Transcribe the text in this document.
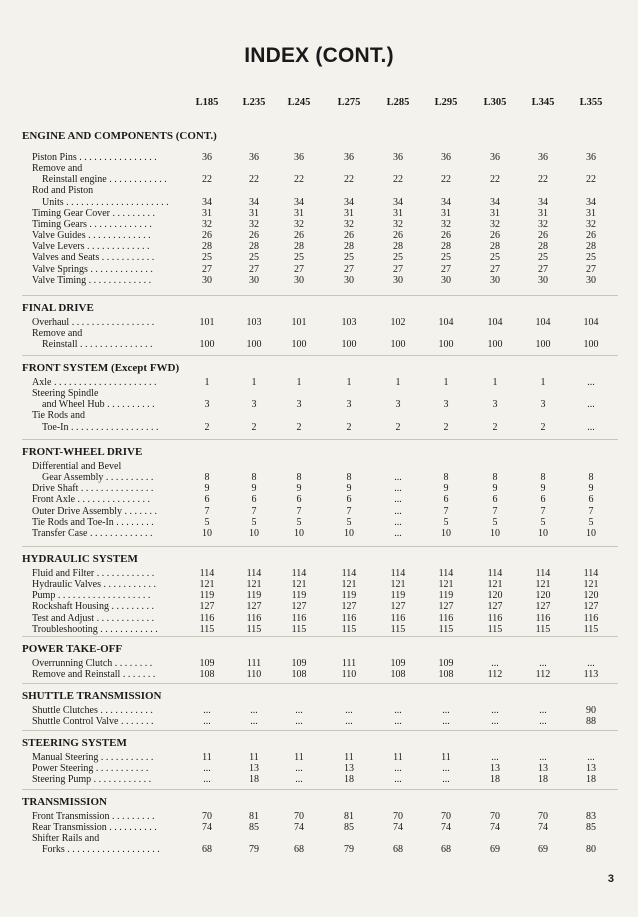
INDEX (CONT.)
L185	L235	L245	L275	L285	L295	L305	L345	L355
ENGINE AND COMPONENTS (CONT.)
Piston Pins . . . . . . . . . . . . . . . .	36	36	36	36	36	36	36	36	36
Remove and
Reinstall engine . . . . . . . . . . . .	22	22	22	22	22	22	22	22	22
Rod and Piston
Units . . . . . . . . . . . . . . . . . . . . .	34	34	34	34	34	34	34	34	34
Timing Gear Cover . . . . . . . . .	31	31	31	31	31	31	31	31	31
Timing Gears . . . . . . . . . . . . .	32	32	32	32	32	32	32	32	32
Valve Guides . . . . . . . . . . . . .	26	26	26	26	26	26	26	26	26
Valve Levers . . . . . . . . . . . . .	28	28	28	28	28	28	28	28	28
Valves and Seats . . . . . . . . . . .	25	25	25	25	25	25	25	25	25
Valve Springs . . . . . . . . . . . . .	27	27	27	27	27	27	27	27	27
Valve Timing . . . . . . . . . . . . .	30	30	30	30	30	30	30	30	30
FINAL DRIVE
Overhaul . . . . . . . . . . . . . . . . .	101	103	101	103	102	104	104	104	104
Remove and
Reinstall . . . . . . . . . . . . . . .	100	100	100	100	100	100	100	100	100
FRONT SYSTEM (Except FWD)
Axle . . . . . . . . . . . . . . . . . . . . .	1	1	1	1	1	1	1	1	...
Steering Spindle
and Wheel Hub . . . . . . . . . .	3	3	3	3	3	3	3	3	...
Tie Rods and
Toe-In . . . . . . . . . . . . . . . . . .	2	2	2	2	2	2	2	2	...
FRONT-WHEEL DRIVE
Differential and Bevel
Gear Assembly . . . . . . . . . .	8	8	8	8	...	8	8	8	8
Drive Shaft . . . . . . . . . . . . . . .	9	9	9	9	...	9	9	9	9
Front Axle . . . . . . . . . . . . . . .	6	6	6	6	...	6	6	6	6
Outer Drive Assembly . . . . . . .	7	7	7	7	...	7	7	7	7
Tie Rods and Toe-In . . . . . . . .	5	5	5	5	...	5	5	5	5
Transfer Case . . . . . . . . . . . . .	10	10	10	10	...	10	10	10	10
HYDRAULIC SYSTEM
Fluid and Filter . . . . . . . . . . . .	114	114	114	114	114	114	114	114	114
Hydraulic Valves . . . . . . . . . . .	121	121	121	121	121	121	121	121	121
Pump . . . . . . . . . . . . . . . . . . .	119	119	119	119	119	119	120	120	120
Rockshaft Housing . . . . . . . . .	127	127	127	127	127	127	127	127	127
Test and Adjust . . . . . . . . . . . .	116	116	116	116	116	116	116	116	116
Troubleshooting . . . . . . . . . . . .	115	115	115	115	115	115	115	115	115
POWER TAKE-OFF
Overrunning Clutch . . . . . . . .	109	111	109	111	109	109	...	...	...
Remove and Reinstall . . . . . . .	108	110	108	110	108	108	112	112	113
SHUTTLE TRANSMISSION
Shuttle Clutches . . . . . . . . . . .	...	...	...	...	...	...	...	...	90
Shuttle Control Valve . . . . . . .	...	...	...	...	...	...	...	...	88
STEERING SYSTEM
Manual Steering . . . . . . . . . . .	11	11	11	11	11	11	...	...	...
Power Steering . . . . . . . . . . .	...	13	...	13	...	...	13	13	13
Steering Pump . . . . . . . . . . . .	...	18	...	18	...	...	18	18	18
TRANSMISSION
Front Transmission . . . . . . . . .	70	81	70	81	70	70	70	70	83
Rear Transmission . . . . . . . . . .	74	85	74	85	74	74	74	74	85
Shifter Rails and
Forks . . . . . . . . . . . . . . . . . . .	68	79	68	79	68	68	69	69	80
3
